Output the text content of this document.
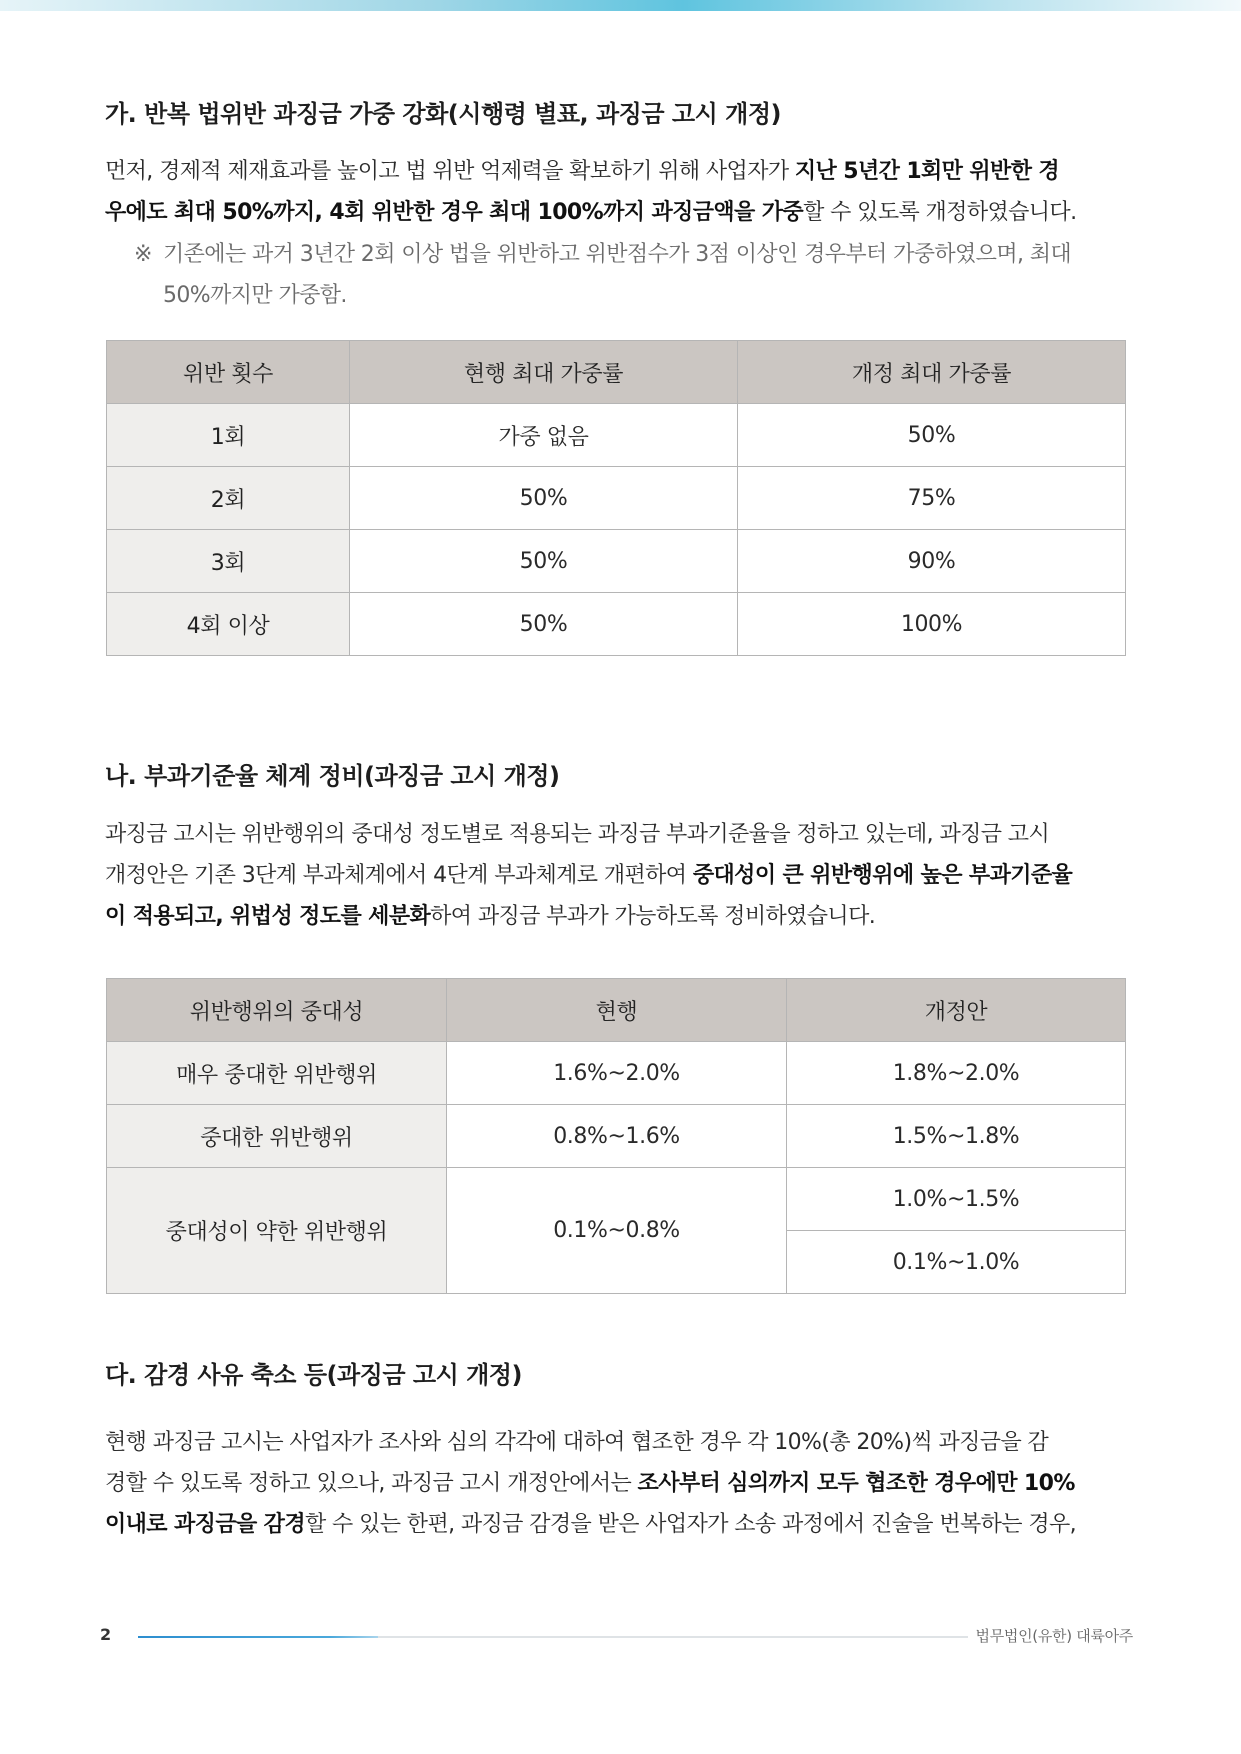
가. 반복 법위반 과징금 가중 강화(시행령 별표, 과징금 고시 개정)
먼저, 경제적 제재효과를 높이고 법 위반 억제력을 확보하기 위해 사업자가 지난 5년간 1회만 위반한 경
우에도 최대 50%까지, 4회 위반한 경우 최대 100%까지 과징금액을 가중할 수 있도록 개정하였습니다.
※ 기존에는 과거 3년간 2회 이상 법을 위반하고 위반점수가 3점 이상인 경우부터 가중하였으며, 최대
50%까지만 가중함.
위반 횟수	현행 최대 가중률	개정 최대 가중률
1회	가중 없음	50%
2회	50%	75%
3회	50%	90%
4회 이상	50%	100%
나. 부과기준율 체계 정비(과징금 고시 개정)
과징금 고시는 위반행위의 중대성 정도별로 적용되는 과징금 부과기준율을 정하고 있는데, 과징금 고시
개정안은 기존 3단계 부과체계에서 4단계 부과체계로 개편하여 중대성이 큰 위반행위에 높은 부과기준율
이 적용되고, 위법성 정도를 세분화하여 과징금 부과가 가능하도록 정비하였습니다.
위반행위의 중대성	현행	개정안
매우 중대한 위반행위	1.6%~2.0%	1.8%~2.0%
중대한 위반행위	0.8%~1.6%	1.5%~1.8%
중대성이 약한 위반행위	0.1%~0.8%	1.0%~1.5%
		0.1%~1.0%
다. 감경 사유 축소 등(과징금 고시 개정)
현행 과징금 고시는 사업자가 조사와 심의 각각에 대하여 협조한 경우 각 10%(총 20%)씩 과징금을 감
경할 수 있도록 정하고 있으나, 과징금 고시 개정안에서는 조사부터 심의까지 모두 협조한 경우에만 10%
이내로 과징금을 감경할 수 있는 한편, 과징금 감경을 받은 사업자가 소송 과정에서 진술을 번복하는 경우,
2	법무법인(유한) 대륙아주
